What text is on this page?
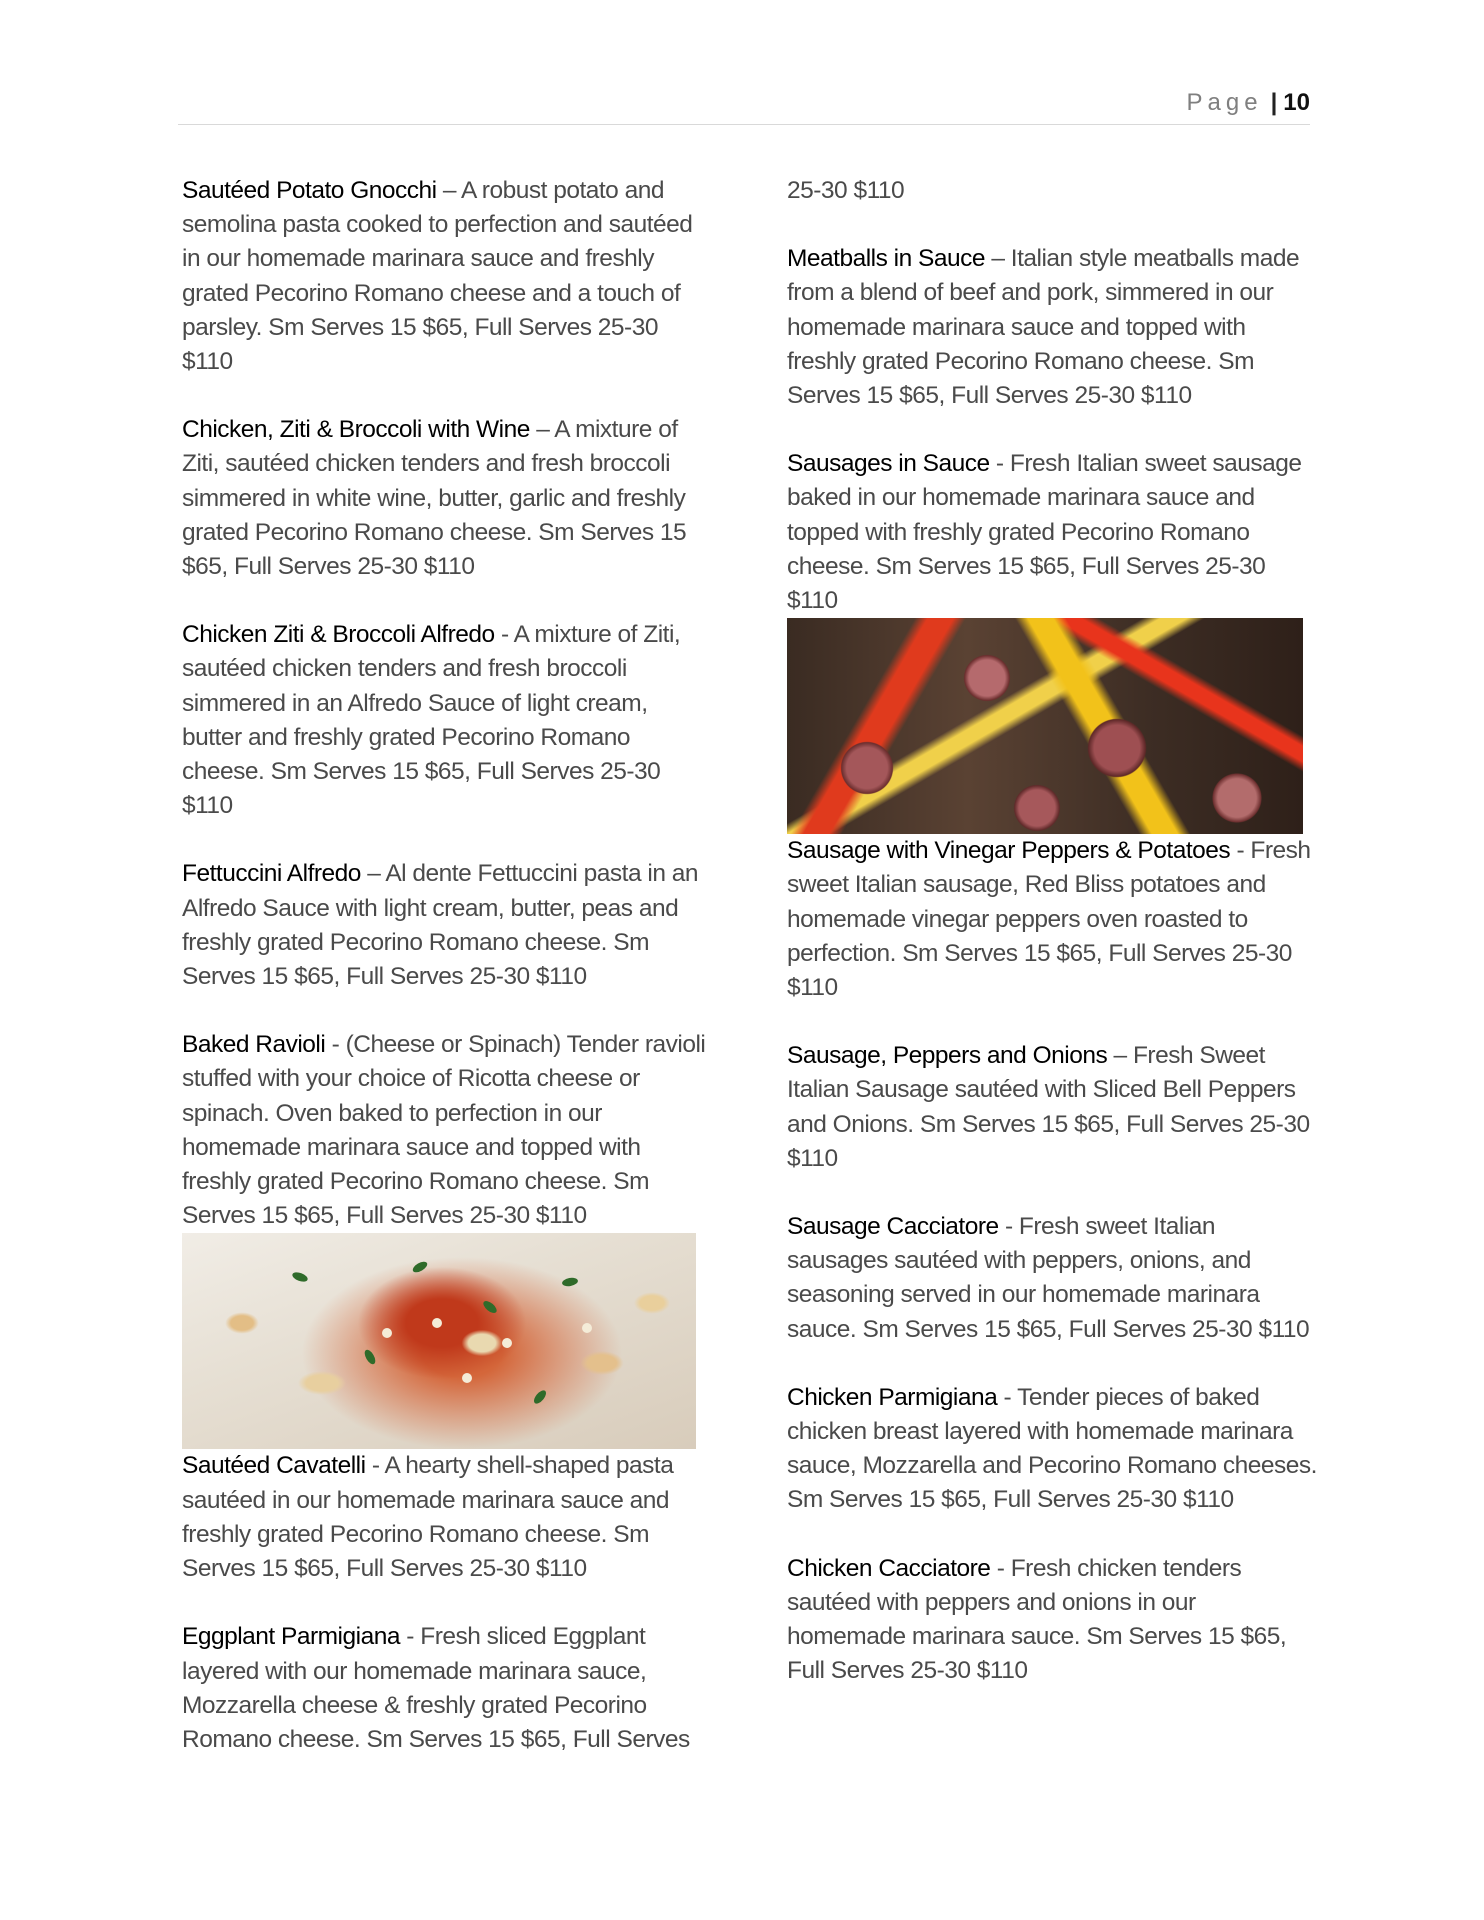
Page | 10
Sautéed Potato Gnocchi – A robust potato and semolina pasta cooked to perfection and sautéed in our homemade marinara sauce and freshly grated Pecorino Romano cheese and a touch of parsley. Sm Serves 15 $65, Full Serves 25-30 $110
Chicken, Ziti & Broccoli with Wine – A mixture of Ziti, sautéed chicken tenders and fresh broccoli simmered in white wine, butter, garlic and freshly grated Pecorino Romano cheese. Sm Serves 15 $65, Full Serves 25-30 $110
Chicken Ziti & Broccoli Alfredo - A mixture of Ziti, sautéed chicken tenders and fresh broccoli simmered in an Alfredo Sauce of light cream, butter and freshly grated Pecorino Romano cheese. Sm Serves 15 $65, Full Serves 25-30 $110
Fettuccini Alfredo – Al dente Fettuccini pasta in an Alfredo Sauce with light cream, butter, peas and freshly grated Pecorino Romano cheese. Sm Serves 15 $65, Full Serves 25-30 $110
Baked Ravioli - (Cheese or Spinach) Tender ravioli stuffed with your choice of Ricotta cheese or spinach. Oven baked to perfection in our homemade marinara sauce and topped with freshly grated Pecorino Romano cheese. Sm Serves 15 $65, Full Serves 25-30 $110
Sautéed Cavatelli - A hearty shell-shaped pasta sautéed in our homemade marinara sauce and freshly grated Pecorino Romano cheese. Sm Serves 15 $65, Full Serves 25-30 $110
Eggplant Parmigiana - Fresh sliced Eggplant layered with our homemade marinara sauce, Mozzarella cheese & freshly grated Pecorino Romano cheese. Sm Serves 15 $65, Full Serves
25-30 $110
Meatballs in Sauce – Italian style meatballs made from a blend of beef and pork, simmered in our homemade marinara sauce and topped with freshly grated Pecorino Romano cheese. Sm Serves 15 $65, Full Serves 25-30 $110
Sausages in Sauce - Fresh Italian sweet sausage baked in our homemade marinara sauce and topped with freshly grated Pecorino Romano cheese. Sm Serves 15 $65, Full Serves 25-30 $110
Sausage with Vinegar Peppers & Potatoes - Fresh sweet Italian sausage, Red Bliss potatoes and homemade vinegar peppers oven roasted to perfection. Sm Serves 15 $65, Full Serves 25-30 $110
Sausage, Peppers and Onions – Fresh Sweet Italian Sausage sautéed with Sliced Bell Peppers and Onions. Sm Serves 15 $65, Full Serves 25-30 $110
Sausage Cacciatore - Fresh sweet Italian sausages sautéed with peppers, onions, and seasoning served in our homemade marinara sauce. Sm Serves 15 $65, Full Serves 25-30 $110
Chicken Parmigiana - Tender pieces of baked chicken breast layered with homemade marinara sauce, Mozzarella and Pecorino Romano cheeses. Sm Serves 15 $65, Full Serves 25-30 $110
Chicken Cacciatore - Fresh chicken tenders sautéed with peppers and onions in our homemade marinara sauce. Sm Serves 15 $65, Full Serves 25-30 $110
